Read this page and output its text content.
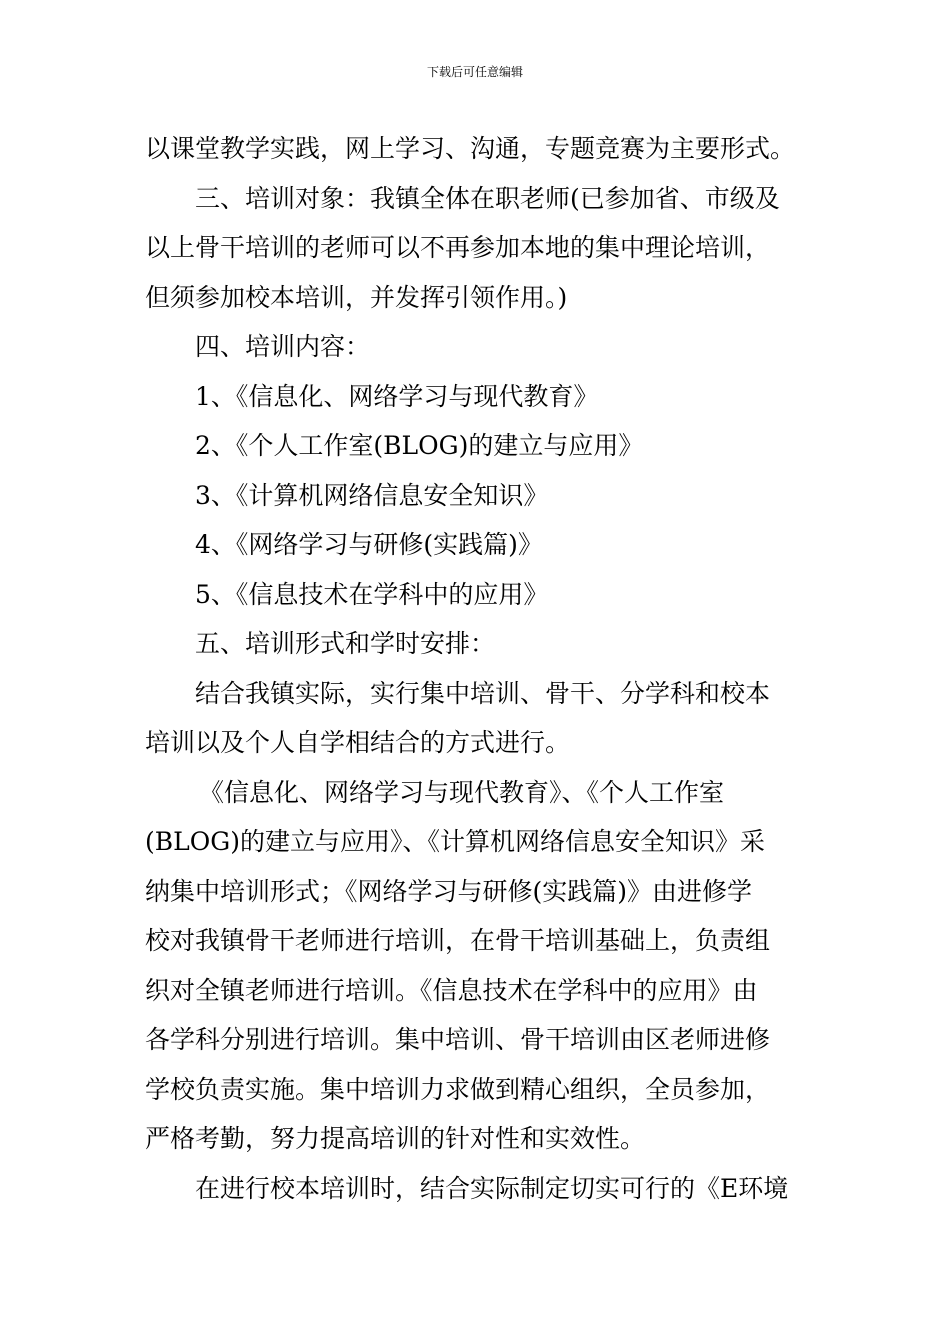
下载后可任意编辑
以课堂教学实践，网上学习、沟通，专题竞赛为主要形式。
三、培训对象：我镇全体在职老师(已参加省、市级及
以上骨干培训的老师可以不再参加本地的集中理论培训，
但须参加校本培训，并发挥引领作用。)
四、培训内容：
1、《信息化、网络学习与现代教育》
2、《个人工作室(BLOG)的建立与应用》
3、《计算机网络信息安全知识》
4、《网络学习与研修(实践篇)》
5、《信息技术在学科中的应用》
五、培训形式和学时安排：
结合我镇实际，实行集中培训、骨干、分学科和校本
培训以及个人自学相结合的方式进行。
《信息化、网络学习与现代教育》、《个人工作室
(BLOG)的建立与应用》、《计算机网络信息安全知识》采
纳集中培训形式；《网络学习与研修(实践篇)》由进修学
校对我镇骨干老师进行培训，在骨干培训基础上，负责组
织对全镇老师进行培训。《信息技术在学科中的应用》由
各学科分别进行培训。集中培训、骨干培训由区老师进修
学校负责实施。集中培训力求做到精心组织，全员参加，
严格考勤，努力提高培训的针对性和实效性。
在进行校本培训时，结合实际制定切实可行的《E环境
